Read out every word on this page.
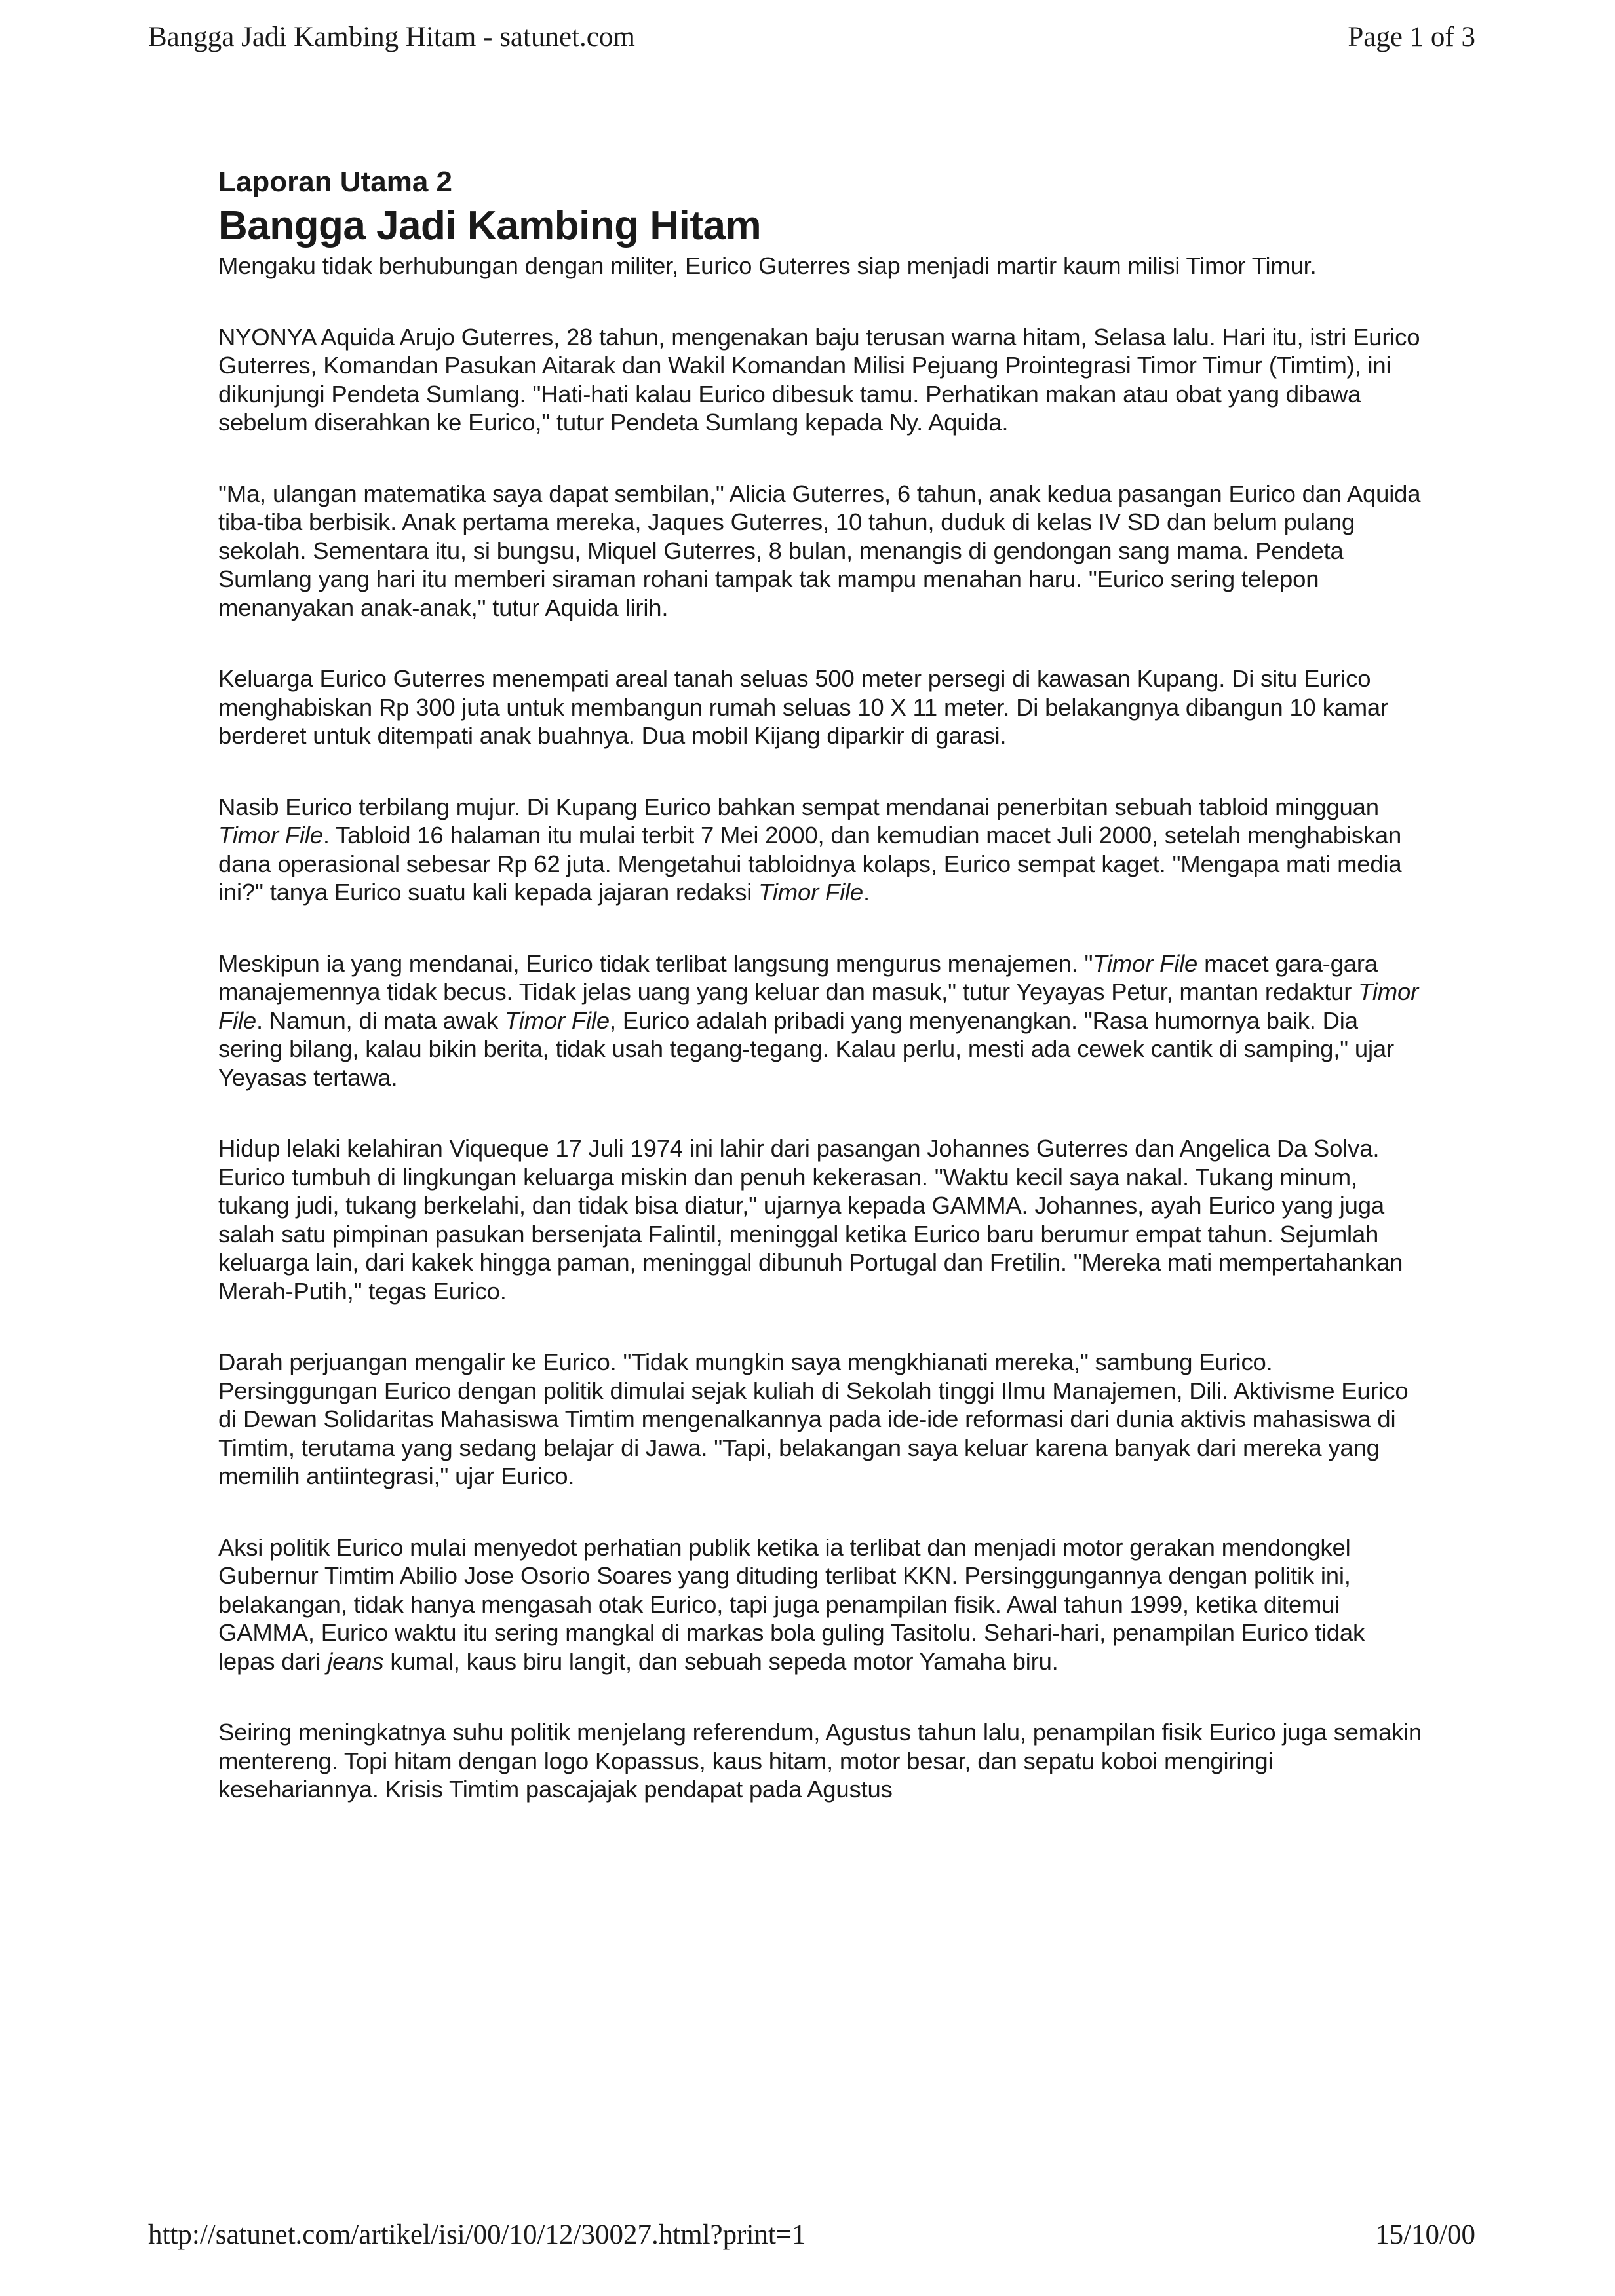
Bangga Jadi Kambing Hitam - satunet.com	Page 1 of 3

Laporan Utama 2

Bangga Jadi Kambing Hitam

Mengaku tidak berhubungan dengan militer, Eurico Guterres siap menjadi martir kaum milisi Timor Timur.

NYONYA Aquida Arujo Guterres, 28 tahun, mengenakan baju terusan warna hitam, Selasa lalu. Hari itu, istri Eurico Guterres, Komandan Pasukan Aitarak dan Wakil Komandan Milisi Pejuang Prointegrasi Timor Timur (Timtim), ini dikunjungi Pendeta Sumlang. "Hati-hati kalau Eurico dibesuk tamu. Perhatikan makan atau obat yang dibawa sebelum diserahkan ke Eurico," tutur Pendeta Sumlang kepada Ny. Aquida.

"Ma, ulangan matematika saya dapat sembilan," Alicia Guterres, 6 tahun, anak kedua pasangan Eurico dan Aquida tiba-tiba berbisik. Anak pertama mereka, Jaques Guterres, 10 tahun, duduk di kelas IV SD dan belum pulang sekolah. Sementara itu, si bungsu, Miquel Guterres, 8 bulan, menangis di gendongan sang mama. Pendeta Sumlang yang hari itu memberi siraman rohani tampak tak mampu menahan haru. "Eurico sering telepon menanyakan anak-anak," tutur Aquida lirih.

Keluarga Eurico Guterres menempati areal tanah seluas 500 meter persegi di kawasan Kupang. Di situ Eurico menghabiskan Rp 300 juta untuk membangun rumah seluas 10 X 11 meter. Di belakangnya dibangun 10 kamar berderet untuk ditempati anak buahnya. Dua mobil Kijang diparkir di garasi.

Nasib Eurico terbilang mujur. Di Kupang Eurico bahkan sempat mendanai penerbitan sebuah tabloid mingguan Timor File. Tabloid 16 halaman itu mulai terbit 7 Mei 2000, dan kemudian macet Juli 2000, setelah menghabiskan dana operasional sebesar Rp 62 juta. Mengetahui tabloidnya kolaps, Eurico sempat kaget. "Mengapa mati media ini?" tanya Eurico suatu kali kepada jajaran redaksi Timor File.

Meskipun ia yang mendanai, Eurico tidak terlibat langsung mengurus menajemen. "Timor File macet gara-gara manajemennya tidak becus. Tidak jelas uang yang keluar dan masuk," tutur Yeyayas Petur, mantan redaktur Timor File. Namun, di mata awak Timor File, Eurico adalah pribadi yang menyenangkan. "Rasa humornya baik. Dia sering bilang, kalau bikin berita, tidak usah tegang-tegang. Kalau perlu, mesti ada cewek cantik di samping," ujar Yeyasas tertawa.

Hidup lelaki kelahiran Viqueque 17 Juli 1974 ini lahir dari pasangan Johannes Guterres dan Angelica Da Solva. Eurico tumbuh di lingkungan keluarga miskin dan penuh kekerasan. "Waktu kecil saya nakal. Tukang minum, tukang judi, tukang berkelahi, dan tidak bisa diatur," ujarnya kepada GAMMA. Johannes, ayah Eurico yang juga salah satu pimpinan pasukan bersenjata Falintil, meninggal ketika Eurico baru berumur empat tahun. Sejumlah keluarga lain, dari kakek hingga paman, meninggal dibunuh Portugal dan Fretilin. "Mereka mati mempertahankan Merah-Putih," tegas Eurico.

Darah perjuangan mengalir ke Eurico. "Tidak mungkin saya mengkhianati mereka," sambung Eurico. Persinggungan Eurico dengan politik dimulai sejak kuliah di Sekolah tinggi Ilmu Manajemen, Dili. Aktivisme Eurico di Dewan Solidaritas Mahasiswa Timtim mengenalkannya pada ide-ide reformasi dari dunia aktivis mahasiswa di Timtim, terutama yang sedang belajar di Jawa. "Tapi, belakangan saya keluar karena banyak dari mereka yang memilih antiintegrasi," ujar Eurico.

Aksi politik Eurico mulai menyedot perhatian publik ketika ia terlibat dan menjadi motor gerakan mendongkel Gubernur Timtim Abilio Jose Osorio Soares yang dituding terlibat KKN. Persinggungannya dengan politik ini, belakangan, tidak hanya mengasah otak Eurico, tapi juga penampilan fisik. Awal tahun 1999, ketika ditemui GAMMA, Eurico waktu itu sering mangkal di markas bola guling Tasitolu. Sehari-hari, penampilan Eurico tidak lepas dari jeans kumal, kaus biru langit, dan sebuah sepeda motor Yamaha biru.

Seiring meningkatnya suhu politik menjelang referendum, Agustus tahun lalu, penampilan fisik Eurico juga semakin mentereng. Topi hitam dengan logo Kopassus, kaus hitam, motor besar, dan sepatu koboi mengiringi kesehariannya. Krisis Timtim pascajajak pendapat pada Agustus

http://satunet.com/artikel/isi/00/10/12/30027.html?print=1	15/10/00
